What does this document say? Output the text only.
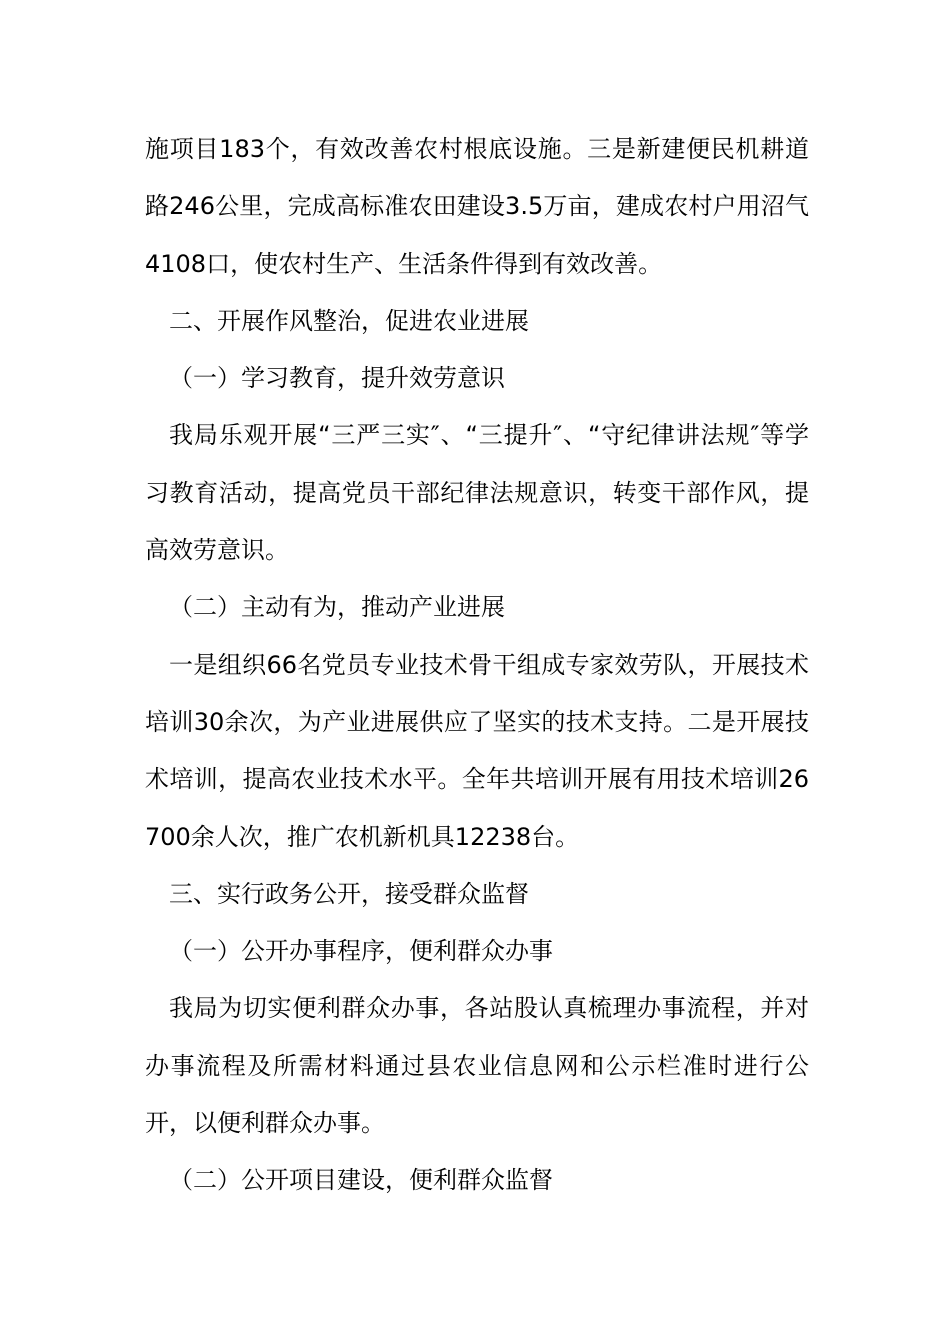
施项目183个，有效改善农村根底设施。三是新建便民机耕道路246公里，完成高标准农田建设3.5万亩，建成农村户用沼气4108口，使农村生产、生活条件得到有效改善。

二、开展作风整治，促进农业进展

（一）学习教育，提升效劳意识

我局乐观开展“三严三实″、“三提升″、“守纪律讲法规″等学习教育活动，提高党员干部纪律法规意识，转变干部作风，提高效劳意识。

（二）主动有为，推动产业进展

一是组织66名党员专业技术骨干组成专家效劳队，开展技术培训30余次，为产业进展供应了坚实的技术支持。二是开展技术培训，提高农业技术水平。全年共培训开展有用技术培训26700余人次，推广农机新机具12238台。

三、实行政务公开，接受群众监督

（一）公开办事程序，便利群众办事

我局为切实便利群众办事，各站股认真梳理办事流程，并对办事流程及所需材料通过县农业信息网和公示栏准时进行公开，以便利群众办事。

（二）公开项目建设，便利群众监督
